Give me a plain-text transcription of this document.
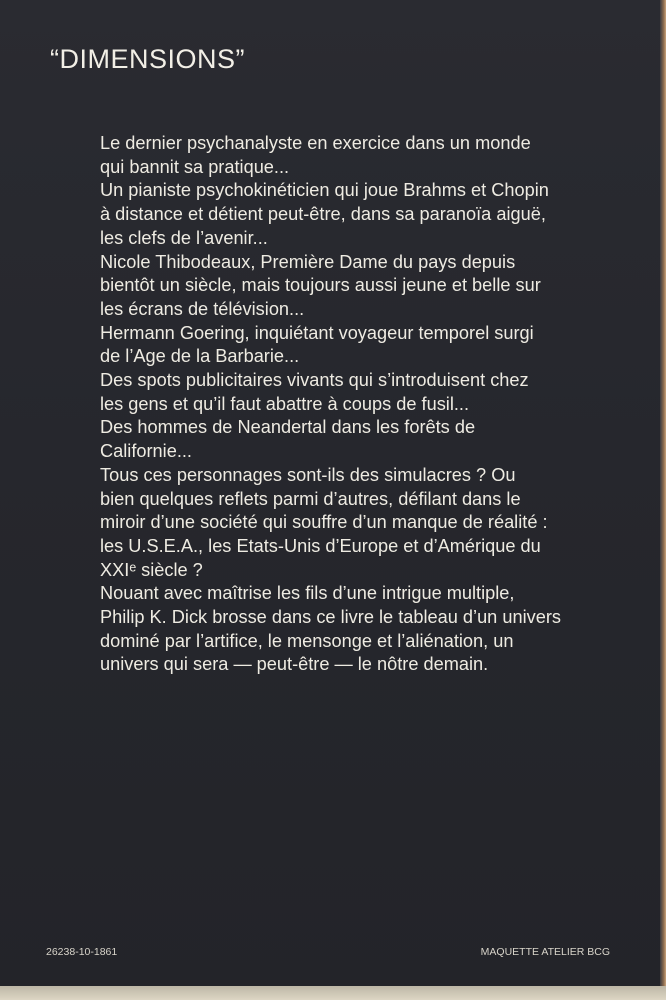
“DIMENSIONS”

Le dernier psychanalyste en exercice dans un monde
qui bannit sa pratique...

Un pianiste psychokinéticien qui joue Brahms et Chopin
à distance et détient peut-être, dans sa paranoïa aiguë,
les clefs de l’avenir...

Nicole Thibodeaux, Première Dame du pays depuis
bientôt un siècle, mais toujours aussi jeune et belle sur
les écrans de télévision...

Hermann Goering, inquiétant voyageur temporel surgi
de l’Age de la Barbarie...

Des spots publicitaires vivants qui s’introduisent chez
les gens et qu’il faut abattre à coups de fusil...

Des hommes de Neandertal dans les forêts de
Californie...

Tous ces personnages sont-ils des simulacres ? Ou
bien quelques reflets parmi d’autres, défilant dans le
miroir d’une société qui souffre d’un manque de réalité :
les U.S.E.A., les Etats-Unis d’Europe et d’Amérique du
XXIᵉ siècle ?

Nouant avec maîtrise les fils d’une intrigue multiple,
Philip K. Dick brosse dans ce livre le tableau d’un univers
dominé par l’artifice, le mensonge et l’aliénation, un
univers qui sera — peut-être — le nôtre demain.

26238-10-1861	MAQUETTE ATELIER BCG
